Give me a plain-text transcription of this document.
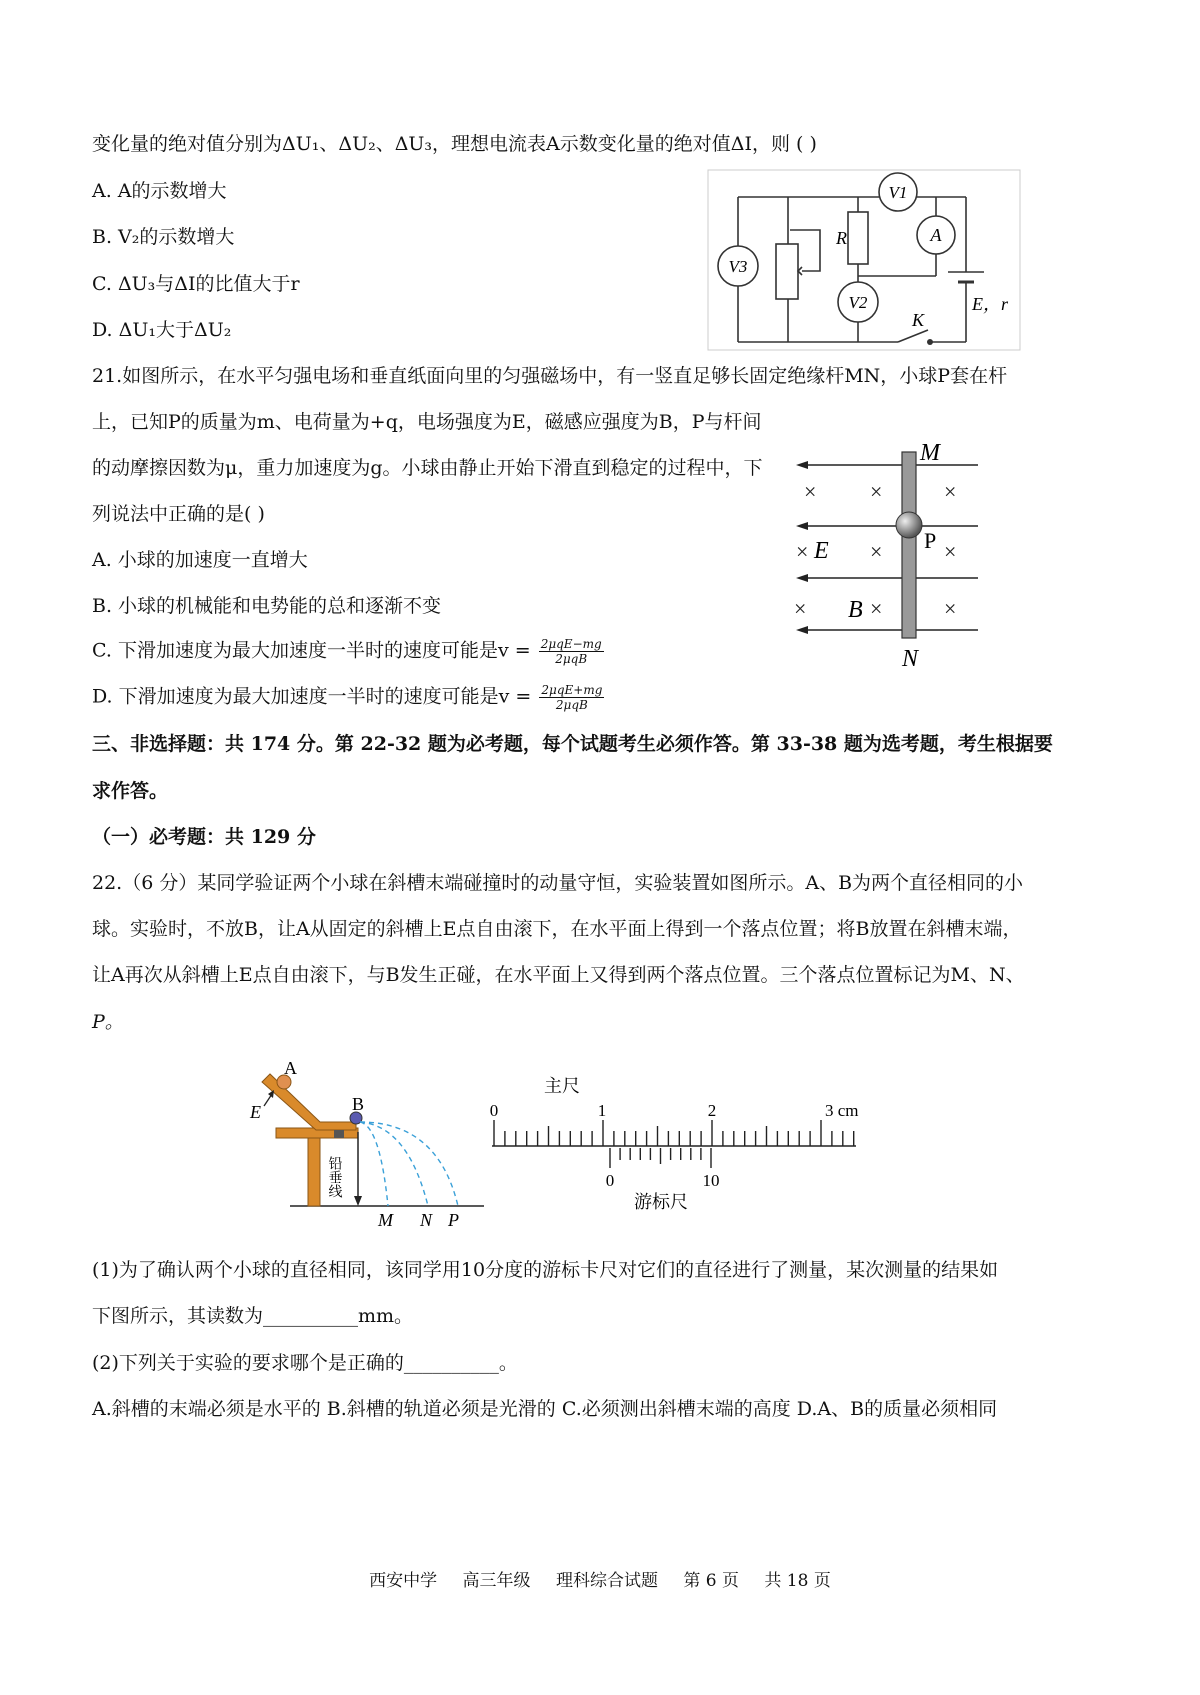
变化量的绝对值分别为ΔU₁、ΔU₂、ΔU₃，理想电流表A示数变化量的绝对值ΔI，则 ( )
A. A的示数增大
B. V₂的示数增大
C. ΔU₃与ΔI的比值大于r
D. ΔU₁大于ΔU₂
V3
V2
V1
A
R
K
E，r
21.如图所示，在水平匀强电场和垂直纸面向里的匀强磁场中，有一竖直足够长固定绝缘杆MN，小球P套在杆
上，已知P的质量为m、电荷量为+q，电场强度为E，磁感应强度为B，P与杆间
的动摩擦因数为μ，重力加速度为g。小球由静止开始下滑直到稳定的过程中，下
列说法中正确的是( )
A. 小球的加速度一直增大
B. 小球的机械能和电势能的总和逐渐不变
C. 下滑加速度为最大加速度一半时的速度可能是$v = \frac{\text{2μqE−mg}}{\text{2μqB}}$
D. 下滑加速度为最大加速度一半时的速度可能是$v = \frac{\text{2μqE+mg}}{\text{2μqB}}$
× ×	×
×	×	×
×	×	×
M
N
P
E
B
三、非选择题：共 174 分。第 22-32 题为必考题，每个试题考生必须作答。第 33-38 题为选考题，考生根据要
求作答。
（一）必考题：共 129 分
22.（6 分）某同学验证两个小球在斜槽末端碰撞时的动量守恒，实验装置如图所示。A、B为两个直径相同的小
球。实验时，不放B，让A从固定的斜槽上E点自由滚下，在水平面上得到一个落点位置；将B放置在斜槽末端，
让A再次从斜槽上E点自由滚下，与B发生正碰，在水平面上又得到两个落点位置。三个落点位置标记为M、N、
P。
A
E	B
铅垂线
M N P
主尺
0	1	2	3 cm
0	10
游标尺
(1)为了确认两个小球的直径相同，该同学用10分度的游标卡尺对它们的直径进行了测量，某次测量的结果如
下图所示，其读数为__________mm。
(2)下列关于实验的要求哪个是正确的__________。
A.斜槽的末端必须是水平的 B.斜槽的轨道必须是光滑的 C.必须测出斜槽末端的高度 D.A、B的质量必须相同
西安中学 高三年级 理科综合试题 第 6 页 共 18 页
